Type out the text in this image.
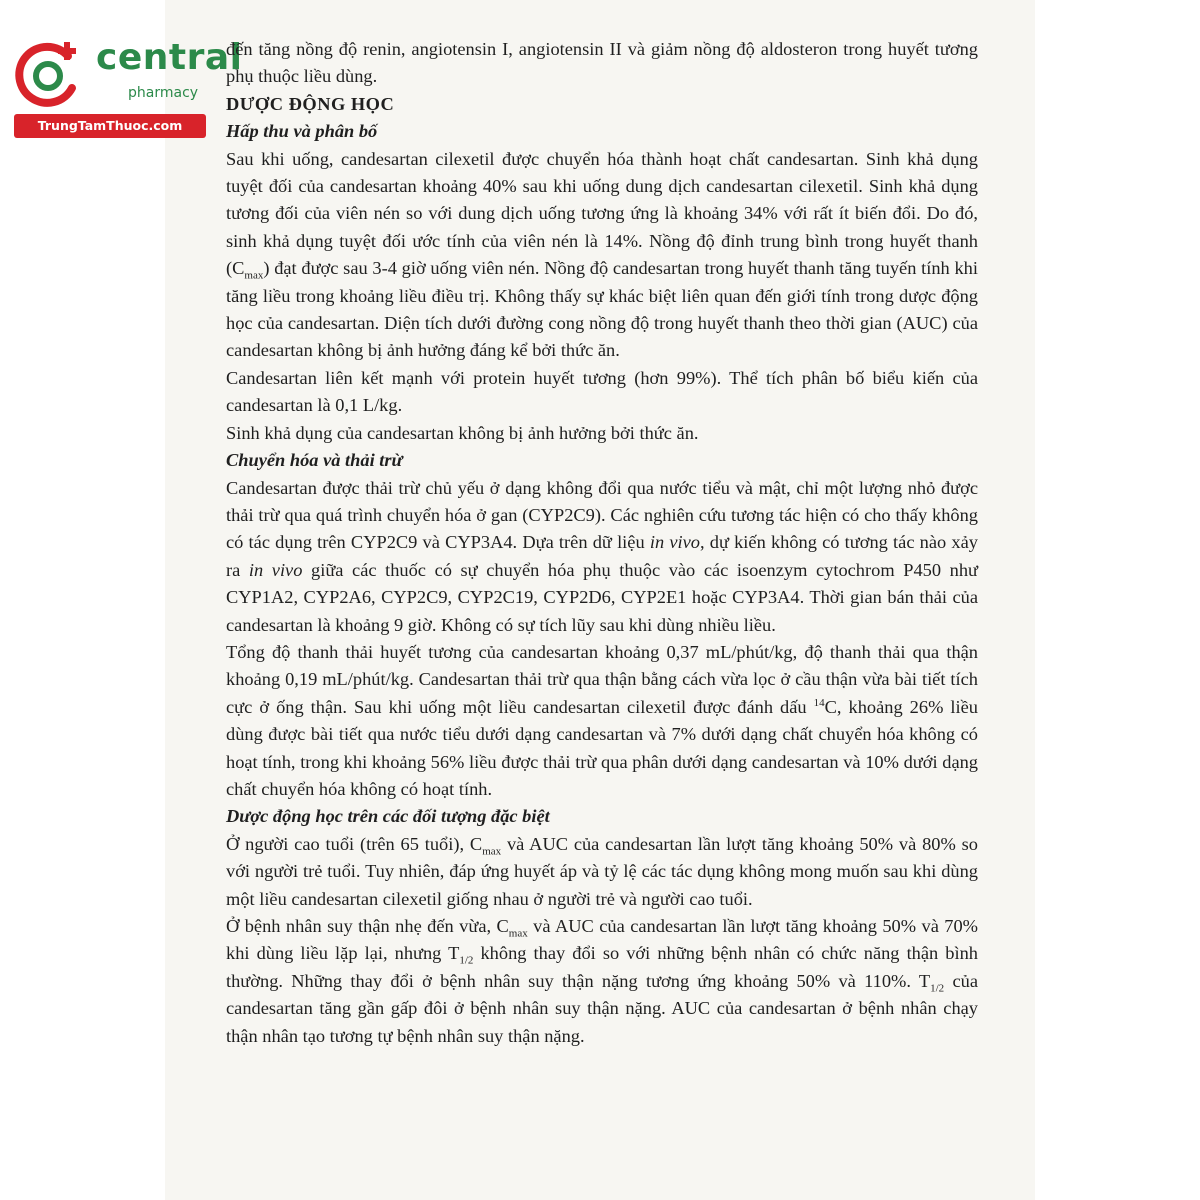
central
pharmacy
TrungTamThuoc.com

đến tăng nồng độ renin, angiotensin I, angiotensin II và giảm nồng độ aldosteron trong huyết tương phụ thuộc liều dùng.

DƯỢC ĐỘNG HỌC

Hấp thu và phân bố

Sau khi uống, candesartan cilexetil được chuyển hóa thành hoạt chất candesartan. Sinh khả dụng tuyệt đối của candesartan khoảng 40% sau khi uống dung dịch candesartan cilexetil. Sinh khả dụng tương đối của viên nén so với dung dịch uống tương ứng là khoảng 34% với rất ít biến đổi. Do đó, sinh khả dụng tuyệt đối ước tính của viên nén là 14%. Nồng độ đỉnh trung bình trong huyết thanh $(C_{max})$ đạt được sau 3-4 giờ uống viên nén. Nồng độ candesartan trong huyết thanh tăng tuyến tính khi tăng liều trong khoảng liều điều trị. Không thấy sự khác biệt liên quan đến giới tính trong dược động học của candesartan. Diện tích dưới đường cong nồng độ trong huyết thanh theo thời gian (AUC) của candesartan không bị ảnh hưởng đáng kể bởi thức ăn.

Candesartan liên kết mạnh với protein huyết tương (hơn 99%). Thể tích phân bố biểu kiến của candesartan là 0,1 L/kg.

Sinh khả dụng của candesartan không bị ảnh hưởng bởi thức ăn.

Chuyển hóa và thải trừ

Candesartan được thải trừ chủ yếu ở dạng không đổi qua nước tiểu và mật, chỉ một lượng nhỏ được thải trừ qua quá trình chuyển hóa ở gan (CYP2C9). Các nghiên cứu tương tác hiện có cho thấy không có tác dụng trên CYP2C9 và CYP3A4. Dựa trên dữ liệu in vivo, dự kiến không có tương tác nào xảy ra in vivo giữa các thuốc có sự chuyển hóa phụ thuộc vào các isoenzym cytochrom P450 như CYP1A2, CYP2A6, CYP2C9, CYP2C19, CYP2D6, CYP2E1 hoặc CYP3A4. Thời gian bán thải của candesartan là khoảng 9 giờ. Không có sự tích lũy sau khi dùng nhiều liều.

Tổng độ thanh thải huyết tương của candesartan khoảng 0,37 mL/phút/kg, độ thanh thải qua thận khoảng 0,19 mL/phút/kg. Candesartan thải trừ qua thận bằng cách vừa lọc ở cầu thận vừa bài tiết tích cực ở ống thận. Sau khi uống một liều candesartan cilexetil được đánh dấu $^{14}$C, khoảng 26% liều dùng được bài tiết qua nước tiểu dưới dạng candesartan và 7% dưới dạng chất chuyển hóa không có hoạt tính, trong khi khoảng 56% liều được thải trừ qua phân dưới dạng candesartan và 10% dưới dạng chất chuyển hóa không có hoạt tính.

Dược động học trên các đối tượng đặc biệt

Ở người cao tuổi (trên 65 tuổi), $C_{max}$ và AUC của candesartan lần lượt tăng khoảng 50% và 80% so với người trẻ tuổi. Tuy nhiên, đáp ứng huyết áp và tỷ lệ các tác dụng không mong muốn sau khi dùng một liều candesartan cilexetil giống nhau ở người trẻ và người cao tuổi.

Ở bệnh nhân suy thận nhẹ đến vừa, $C_{max}$ và AUC của candesartan lần lượt tăng khoảng 50% và 70% khi dùng liều lặp lại, nhưng $T_{1/2}$ không thay đổi so với những bệnh nhân có chức năng thận bình thường. Những thay đổi ở bệnh nhân suy thận nặng tương ứng khoảng 50% và 110%. $T_{1/2}$ của candesartan tăng gần gấp đôi ở bệnh nhân suy thận nặng. AUC của candesartan ở bệnh nhân chạy thận nhân tạo tương tự bệnh nhân suy thận nặng.
